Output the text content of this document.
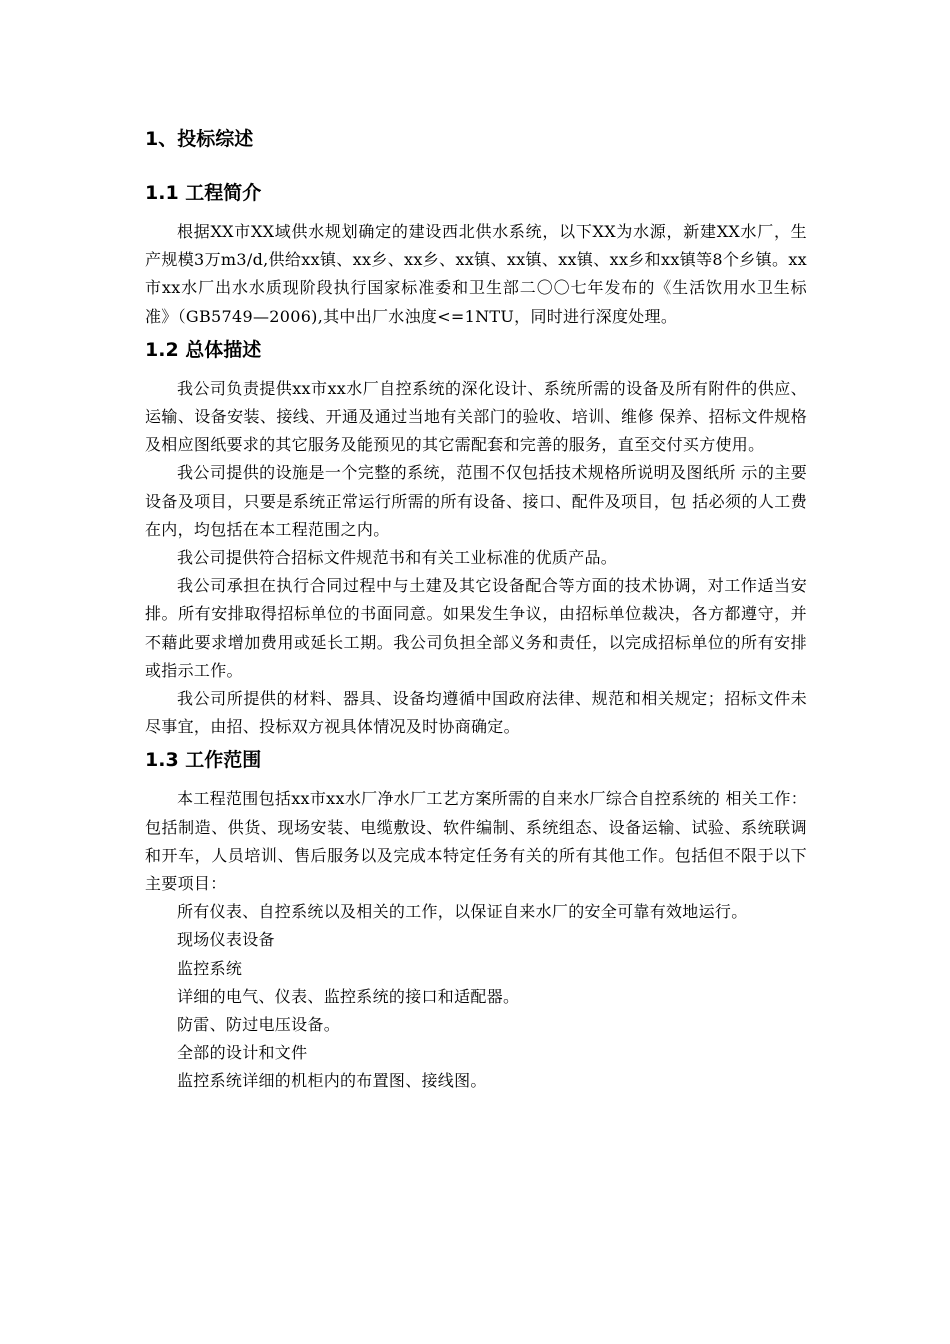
1、投标综述
1.1 工程简介

根据XX市XX域供水规划确定的建设西北供水系统，以下XX为水源，新建XX水厂，生产规模3万m3/d,供给xx镇、xx乡、xx乡、xx镇、xx镇、xx镇、xx乡和xx镇等8个乡镇。xx市xx水厂出水水质现阶段执行国家标准委和卫生部二〇〇七年发布的《生活饮用水卫生标准》（GB5749—2006),其中出厂水浊度<=1NTU，同时进行深度处理。

1.2 总体描述

我公司负责提供xx市xx水厂自控系统的深化设计、系统所需的设备及所有附件的供应、运输、设备安装、接线、开通及通过当地有关部门的验收、培训、维修 保养、招标文件规格及相应图纸要求的其它服务及能预见的其它需配套和完善的服务，直至交付买方使用。

我公司提供的设施是一个完整的系统，范围不仅包括技术规格所说明及图纸所 示的主要设备及项目，只要是系统正常运行所需的所有设备、接口、配件及项目，包 括必须的人工费在内，均包括在本工程范围之内。

我公司提供符合招标文件规范书和有关工业标准的优质产品。

我公司承担在执行合同过程中与土建及其它设备配合等方面的技术协调，对工作适当安排。所有安排取得招标单位的书面同意。如果发生争议，由招标单位裁决，各方都遵守，并不藉此要求增加费用或延长工期。我公司负担全部义务和责任，以完成招标单位的所有安排或指示工作。

我公司所提供的材料、器具、设备均遵循中国政府法律、规范和相关规定；招标文件未尽事宜，由招、投标双方视具体情况及时协商确定。

1.3 工作范围

本工程范围包括xx市xx水厂净水厂工艺方案所需的自来水厂综合自控系统的 相关工作：包括制造、供货、现场安装、电缆敷设、软件编制、系统组态、设备运输、试验、系统联调和开车，人员培训、售后服务以及完成本特定任务有关的所有其他工作。包括但不限于以下主要项目：

所有仪表、自控系统以及相关的工作，以保证自来水厂的安全可靠有效地运行。

现场仪表设备

监控系统

详细的电气、仪表、监控系统的接口和适配器。

防雷、防过电压设备。

全部的设计和文件

监控系统详细的机柜内的布置图、接线图。
